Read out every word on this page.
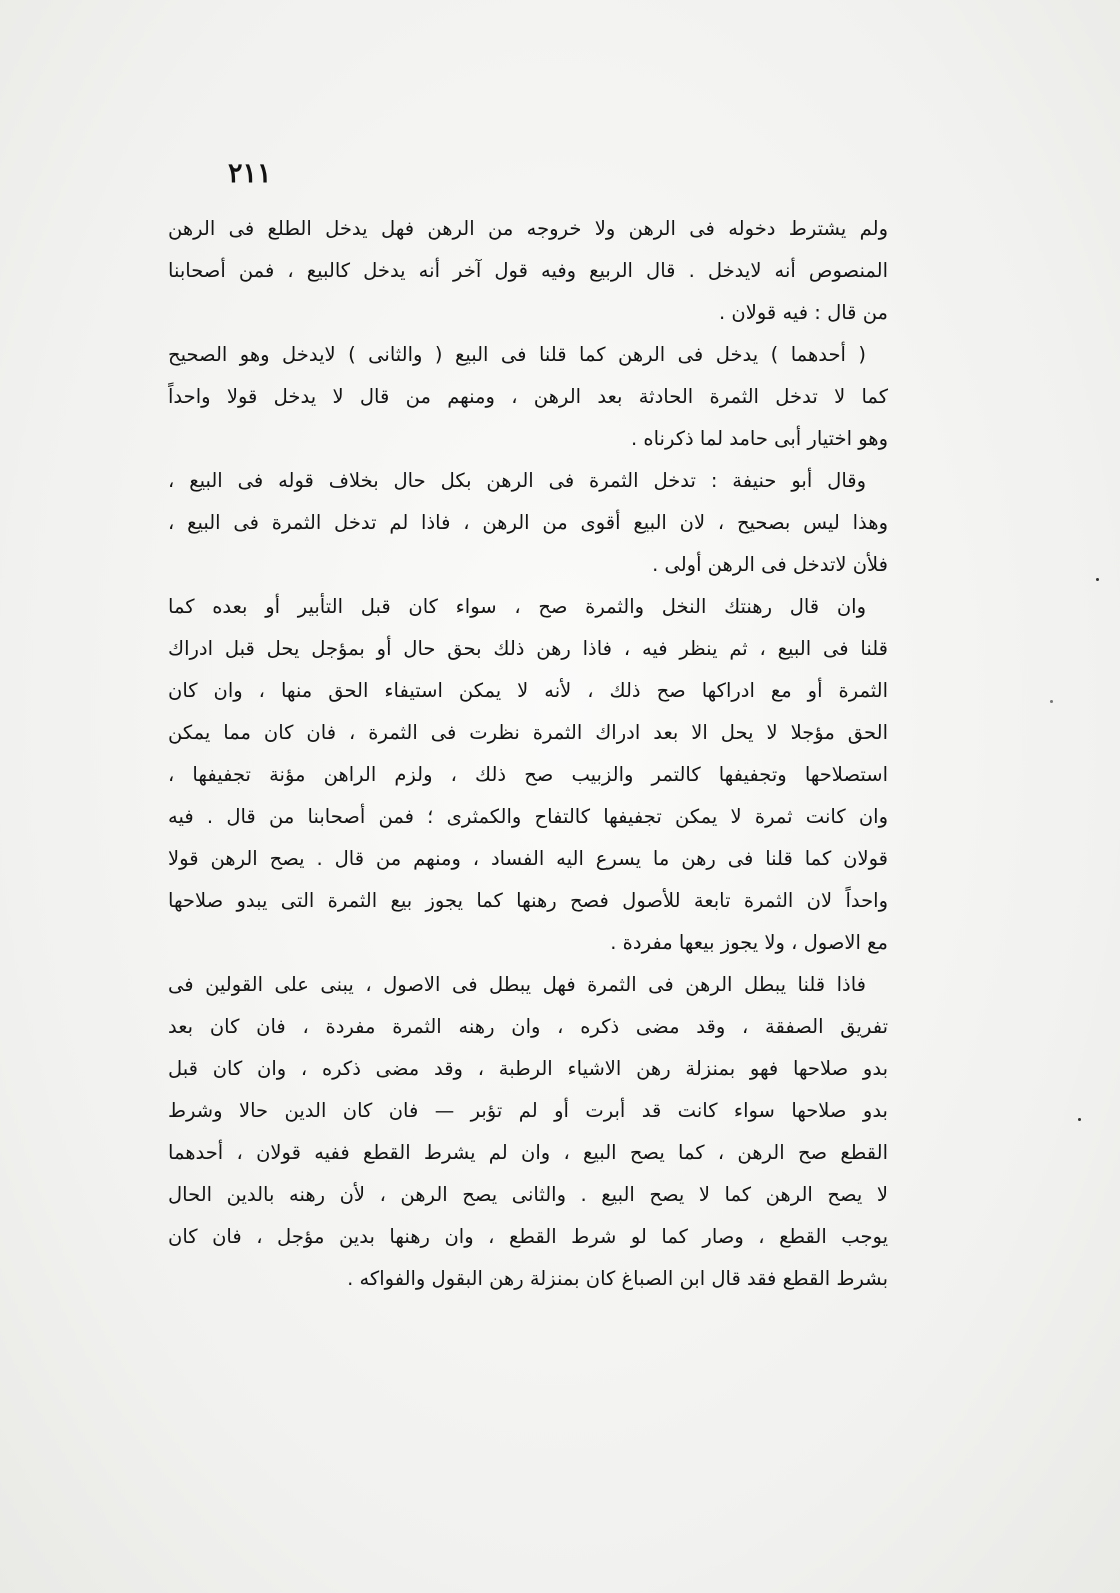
٢١١
ولم يشترط دخوله فى الرهن ولا خروجه من الرهن فهل يدخل الطلع فى الرهن
المنصوص أنه لايدخل . قال الربيع وفيه قول آخر أنه يدخل كالبيع ، فمن أصحابنا
من قال : فيه قولان .
( أحدهما ) يدخل فى الرهن كما قلنا فى البيع ( والثانى ) لايدخل وهو الصحيح
كما لا تدخل الثمرة الحادثة بعد الرهن ، ومنهم من قال لا يدخل قولا واحداً
وهو اختيار أبى حامد لما ذكرناه .
وقال أبو حنيفة : تدخل الثمرة فى الرهن بكل حال بخلاف قوله فى البيع ،
وهذا ليس بصحيح ، لان البيع أقوى من الرهن ، فاذا لم تدخل الثمرة فى البيع ،
فلأن لاتدخل فى الرهن أولى .
وان قال رهنتك النخل والثمرة صح ، سواء كان قبل التأبير أو بعده كما
قلنا فى البيع ، ثم ينظر فيه ، فاذا رهن ذلك بحق حال أو بمؤجل يحل قبل ادراك
الثمرة أو مع ادراكها صح ذلك ، لأنه لا يمكن استيفاء الحق منها ، وان كان
الحق مؤجلا لا يحل الا بعد ادراك الثمرة نظرت فى الثمرة ، فان كان مما يمكن
استصلاحها وتجفيفها كالتمر والزبيب صح ذلك ، ولزم الراهن مؤنة تجفيفها ،
وان كانت ثمرة لا يمكن تجفيفها كالتفاح والكمثرى ؛ فمن أصحابنا من قال . فيه
قولان كما قلنا فى رهن ما يسرع اليه الفساد ، ومنهم من قال . يصح الرهن قولا
واحداً لان الثمرة تابعة للأصول فصح رهنها كما يجوز بيع الثمرة التى يبدو صلاحها
مع الاصول ، ولا يجوز بيعها مفردة .
فاذا قلنا يبطل الرهن فى الثمرة فهل يبطل فى الاصول ، يبنى على القولين فى
تفريق الصفقة ، وقد مضى ذكره ، وان رهنه الثمرة مفردة ، فان كان بعد
بدو صلاحها فهو بمنزلة رهن الاشياء الرطبة ، وقد مضى ذكره ، وان كان قبل
بدو صلاحها سواء كانت قد أبرت أو لم تؤبر — فان كان الدين حالا وشرط
القطع صح الرهن ، كما يصح البيع ، وان لم يشرط القطع ففيه قولان ، أحدهما
لا يصح الرهن كما لا يصح البيع . والثانى يصح الرهن ، لأن رهنه بالدين الحال
يوجب القطع ، وصار كما لو شرط القطع ، وان رهنها بدين مؤجل ، فان كان
بشرط القطع فقد قال ابن الصباغ كان بمنزلة رهن البقول والفواكه .
